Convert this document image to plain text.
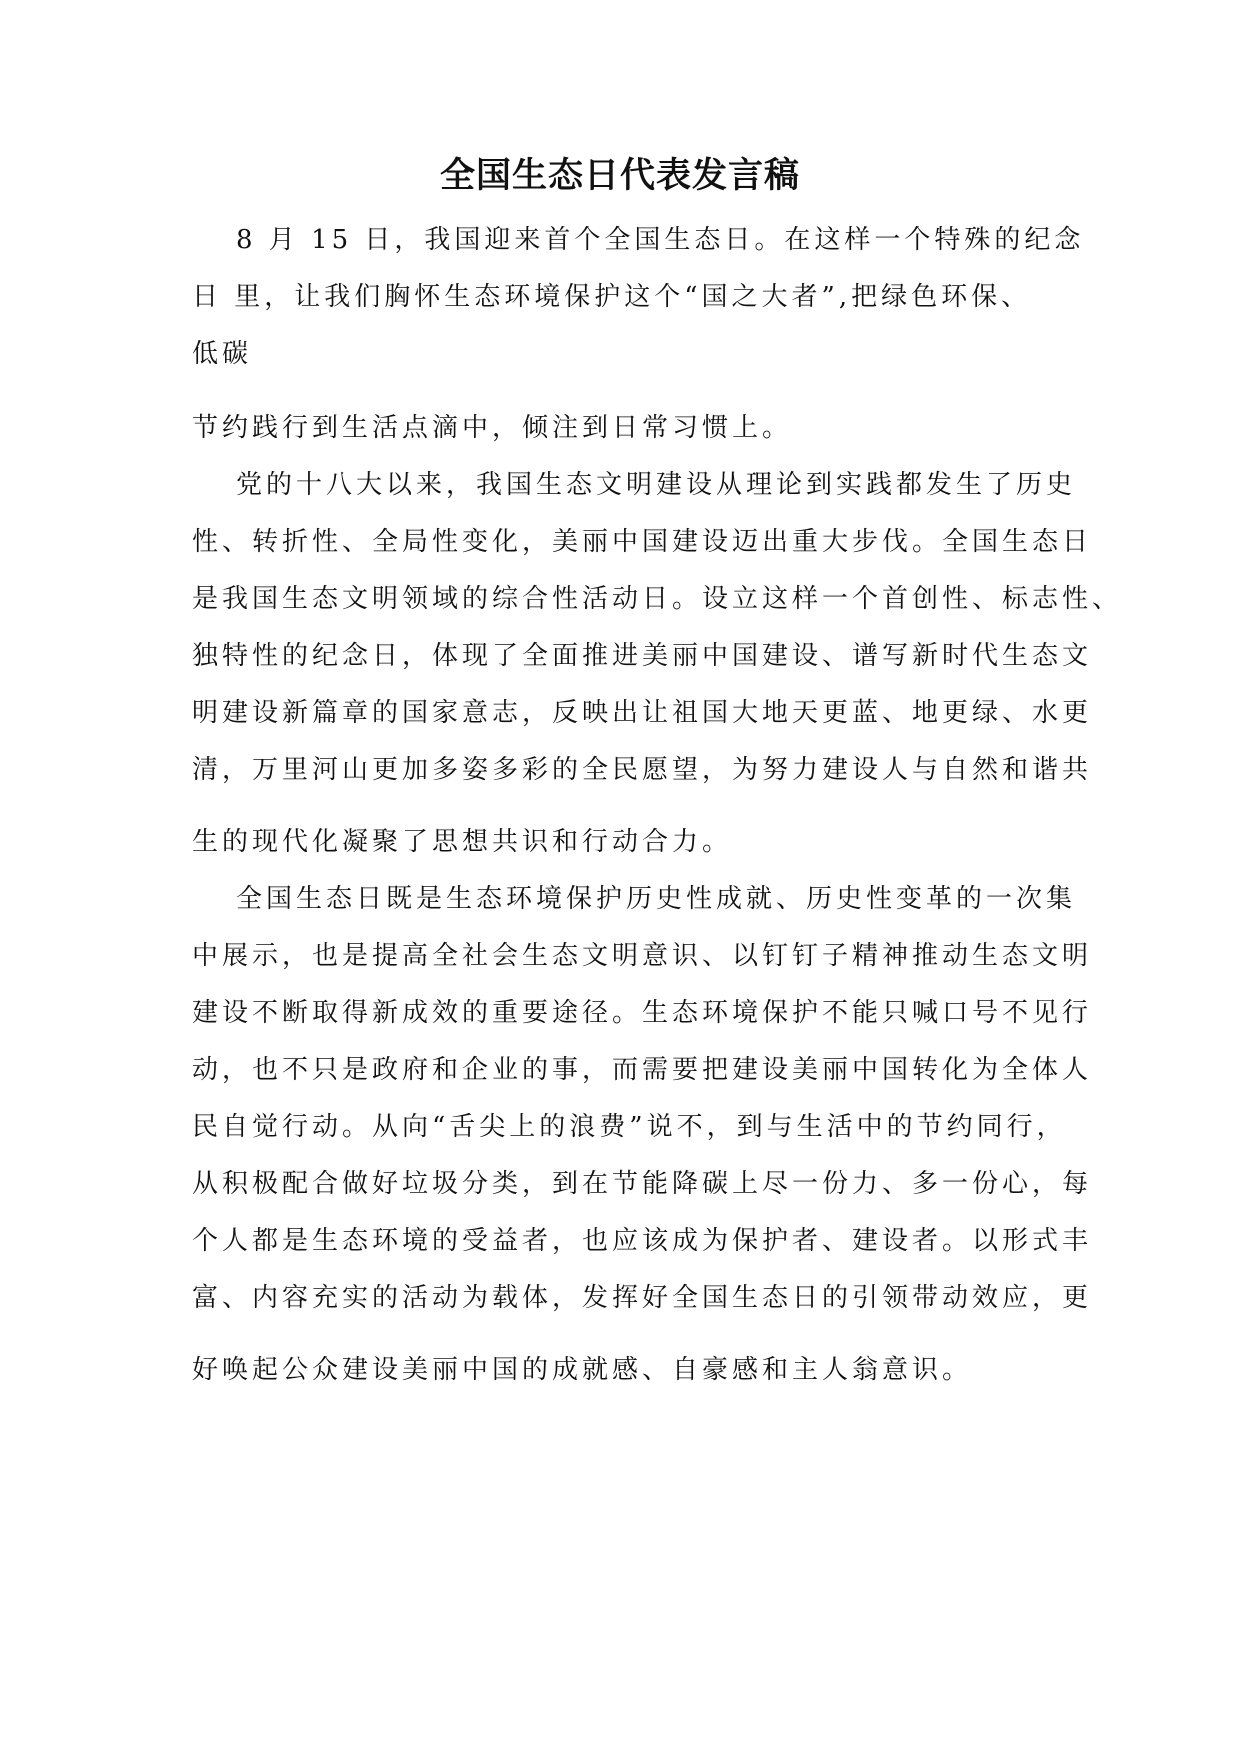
全国生态日代表发言稿
8 月 15 日，我国迎来首个全国生态日。在这样一个特殊的纪念
日 里，让我们胸怀生态环境保护这个“国之大者”,把绿色环保、
低碳
节约践行到生活点滴中，倾注到日常习惯上。
党的十八大以来，我国生态文明建设从理论到实践都发生了历史
性、转折性、全局性变化，美丽中国建设迈出重大步伐。全国生态日
是我国生态文明领域的综合性活动日。设立这样一个首创性、标志性、
独特性的纪念日，体现了全面推进美丽中国建设、谱写新时代生态文
明建设新篇章的国家意志，反映出让祖国大地天更蓝、地更绿、水更
清，万里河山更加多姿多彩的全民愿望，为努力建设人与自然和谐共
生的现代化凝聚了思想共识和行动合力。
全国生态日既是生态环境保护历史性成就、历史性变革的一次集
中展示，也是提高全社会生态文明意识、以钉钉子精神推动生态文明
建设不断取得新成效的重要途径。生态环境保护不能只喊口号不见行
动，也不只是政府和企业的事，而需要把建设美丽中国转化为全体人
民自觉行动。从向“舌尖上的浪费”说不，到与生活中的节约同行，
从积极配合做好垃圾分类，到在节能降碳上尽一份力、多一份心，每
个人都是生态环境的受益者，也应该成为保护者、建设者。以形式丰
富、内容充实的活动为载体，发挥好全国生态日的引领带动效应，更
好唤起公众建设美丽中国的成就感、自豪感和主人翁意识。
